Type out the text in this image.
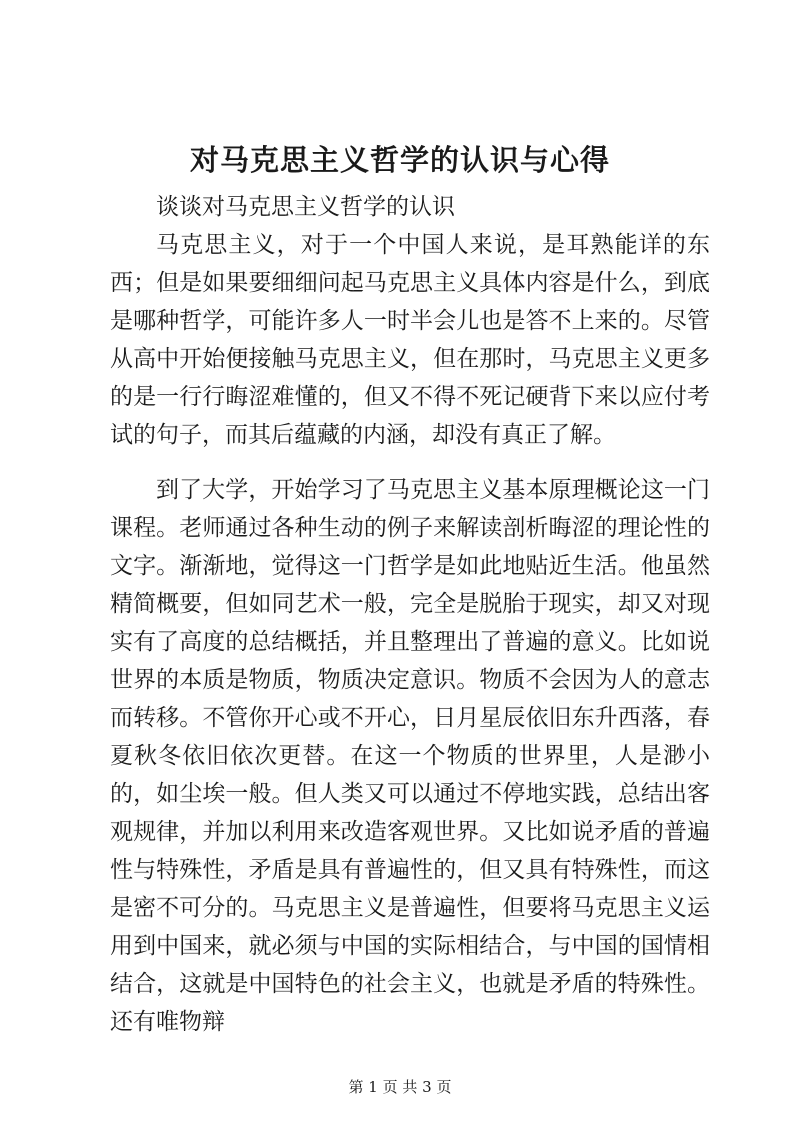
对马克思主义哲学的认识与心得

谈谈对马克思主义哲学的认识

马克思主义，对于一个中国人来说，是耳熟能详的东西；但是如果要细细问起马克思主义具体内容是什么，到底是哪种哲学，可能许多人一时半会儿也是答不上来的。尽管从高中开始便接触马克思主义，但在那时，马克思主义更多的是一行行晦涩难懂的，但又不得不死记硬背下来以应付考试的句子，而其后蕴藏的内涵，却没有真正了解。

到了大学，开始学习了马克思主义基本原理概论这一门课程。老师通过各种生动的例子来解读剖析晦涩的理论性的文字。渐渐地，觉得这一门哲学是如此地贴近生活。他虽然精简概要，但如同艺术一般，完全是脱胎于现实，却又对现实有了高度的总结概括，并且整理出了普遍的意义。比如说世界的本质是物质，物质决定意识。物质不会因为人的意志而转移。不管你开心或不开心，日月星辰依旧东升西落，春夏秋冬依旧依次更替。在这一个物质的世界里，人是渺小的，如尘埃一般。但人类又可以通过不停地实践，总结出客观规律，并加以利用来改造客观世界。又比如说矛盾的普遍性与特殊性，矛盾是具有普遍性的，但又具有特殊性，而这是密不可分的。马克思主义是普遍性，但要将马克思主义运用到中国来，就必须与中国的实际相结合，与中国的国情相结合，这就是中国特色的社会主义，也就是矛盾的特殊性。还有唯物辩

第 1 页 共 3 页
